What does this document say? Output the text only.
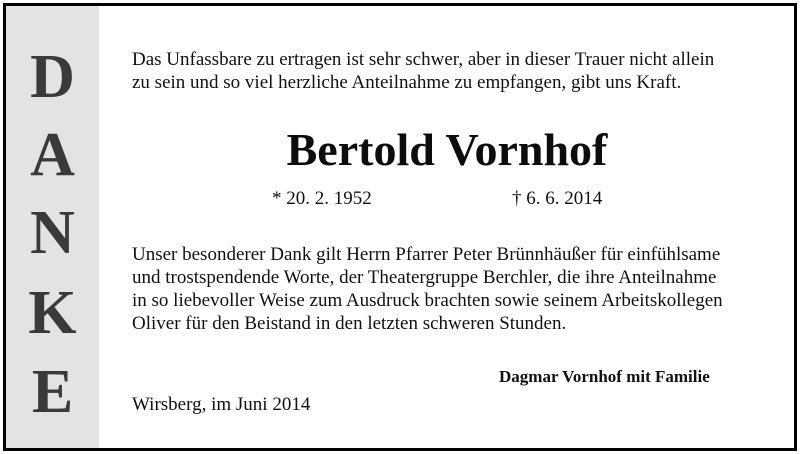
D
A
N
K
E
Das Unfassbare zu ertragen ist sehr schwer, aber in dieser Trauer nicht allein
zu sein und so viel herzliche Anteilnahme zu empfangen, gibt uns Kraft.
Bertold Vornhof
* 20. 2. 1952	† 6. 6. 2014
Unser besonderer Dank gilt Herrn Pfarrer Peter Brünnhäußer für einfühlsame
und trostspendende Worte, der Theatergruppe Berchler, die ihre Anteilnahme
in so liebevoller Weise zum Ausdruck brachten sowie seinem Arbeitskollegen
Oliver für den Beistand in den letzten schweren Stunden.
Dagmar Vornhof mit Familie
Wirsberg, im Juni 2014
